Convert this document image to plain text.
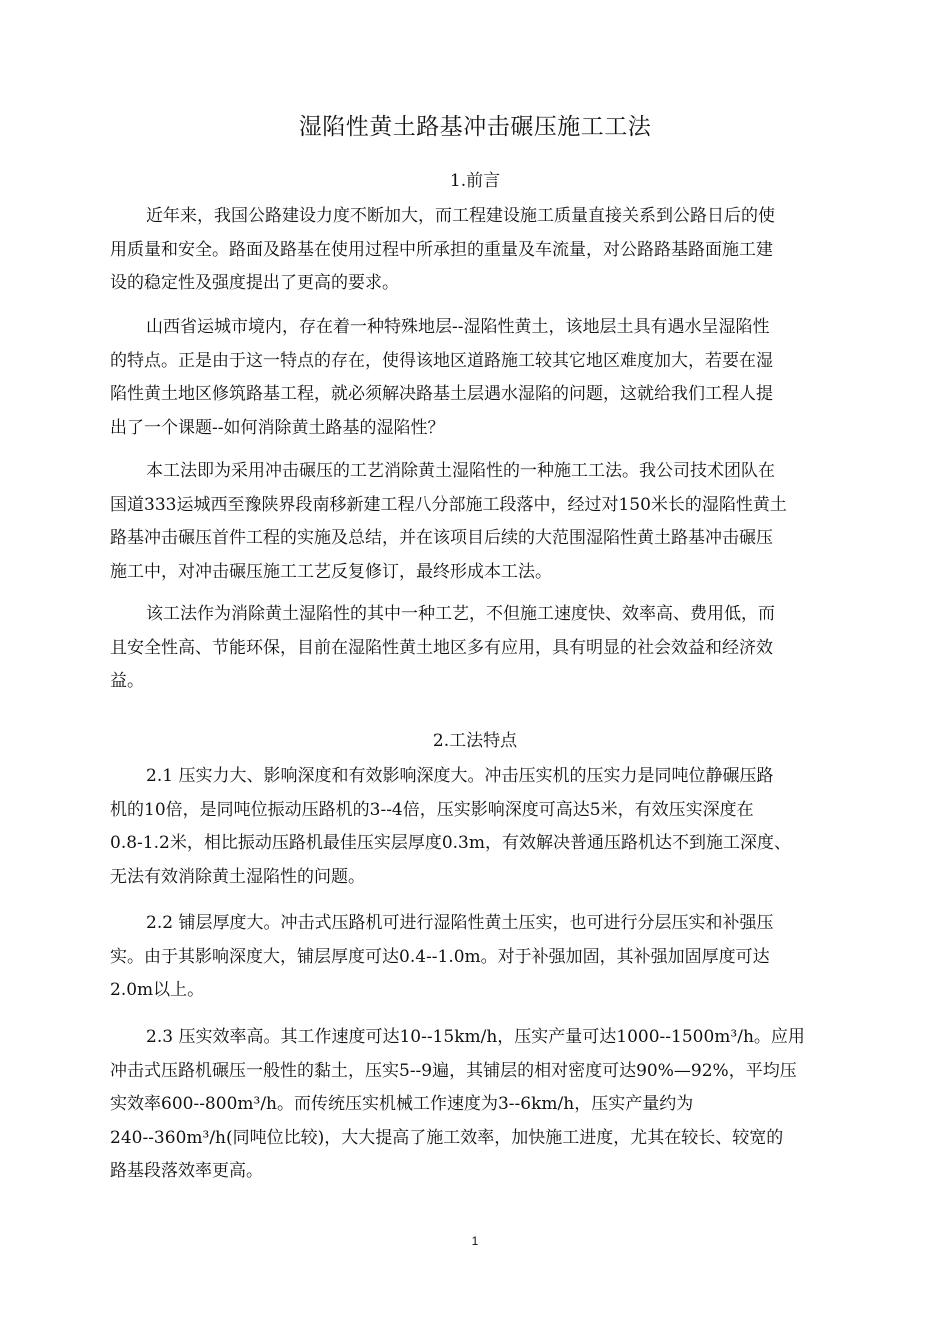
湿陷性黄土路基冲击碾压施工工法
1.前言
近年来，我国公路建设力度不断加大，而工程建设施工质量直接关系到公路日后的使
用质量和安全。路面及路基在使用过程中所承担的重量及车流量，对公路路基路面施工建
设的稳定性及强度提出了更高的要求。
山西省运城市境内，存在着一种特殊地层--湿陷性黄土，该地层土具有遇水呈湿陷性
的特点。正是由于这一特点的存在，使得该地区道路施工较其它地区难度加大，若要在湿
陷性黄土地区修筑路基工程，就必须解决路基土层遇水湿陷的问题，这就给我们工程人提
出了一个课题--如何消除黄土路基的湿陷性？
本工法即为采用冲击碾压的工艺消除黄土湿陷性的一种施工工法。我公司技术团队在
国道333运城西至豫陕界段南移新建工程八分部施工段落中，经过对150米长的湿陷性黄土
路基冲击碾压首件工程的实施及总结，并在该项目后续的大范围湿陷性黄土路基冲击碾压
施工中，对冲击碾压施工工艺反复修订，最终形成本工法。
该工法作为消除黄土湿陷性的其中一种工艺，不但施工速度快、效率高、费用低，而
且安全性高、节能环保，目前在湿陷性黄土地区多有应用，具有明显的社会效益和经济效
益。
2.工法特点
2.1 压实力大、影响深度和有效影响深度大。冲击压实机的压实力是同吨位静碾压路
机的10倍，是同吨位振动压路机的3--4倍，压实影响深度可高达5米，有效压实深度在
0.8-1.2米，相比振动压路机最佳压实层厚度0.3m，有效解决普通压路机达不到施工深度、
无法有效消除黄土湿陷性的问题。
2.2 铺层厚度大。冲击式压路机可进行湿陷性黄土压实，也可进行分层压实和补强压
实。由于其影响深度大，铺层厚度可达0.4--1.0m。对于补强加固，其补强加固厚度可达
2.0m以上。
2.3 压实效率高。其工作速度可达10--15km/h，压实产量可达1000--1500m³/h。应用
冲击式压路机碾压一般性的黏土，压实5--9遍，其铺层的相对密度可达90%—92%，平均压
实效率600--800m³/h。而传统压实机械工作速度为3--6km/h，压实产量约为
240--360m³/h(同吨位比较)，大大提高了施工效率，加快施工进度，尤其在较长、较宽的
路基段落效率更高。
1
